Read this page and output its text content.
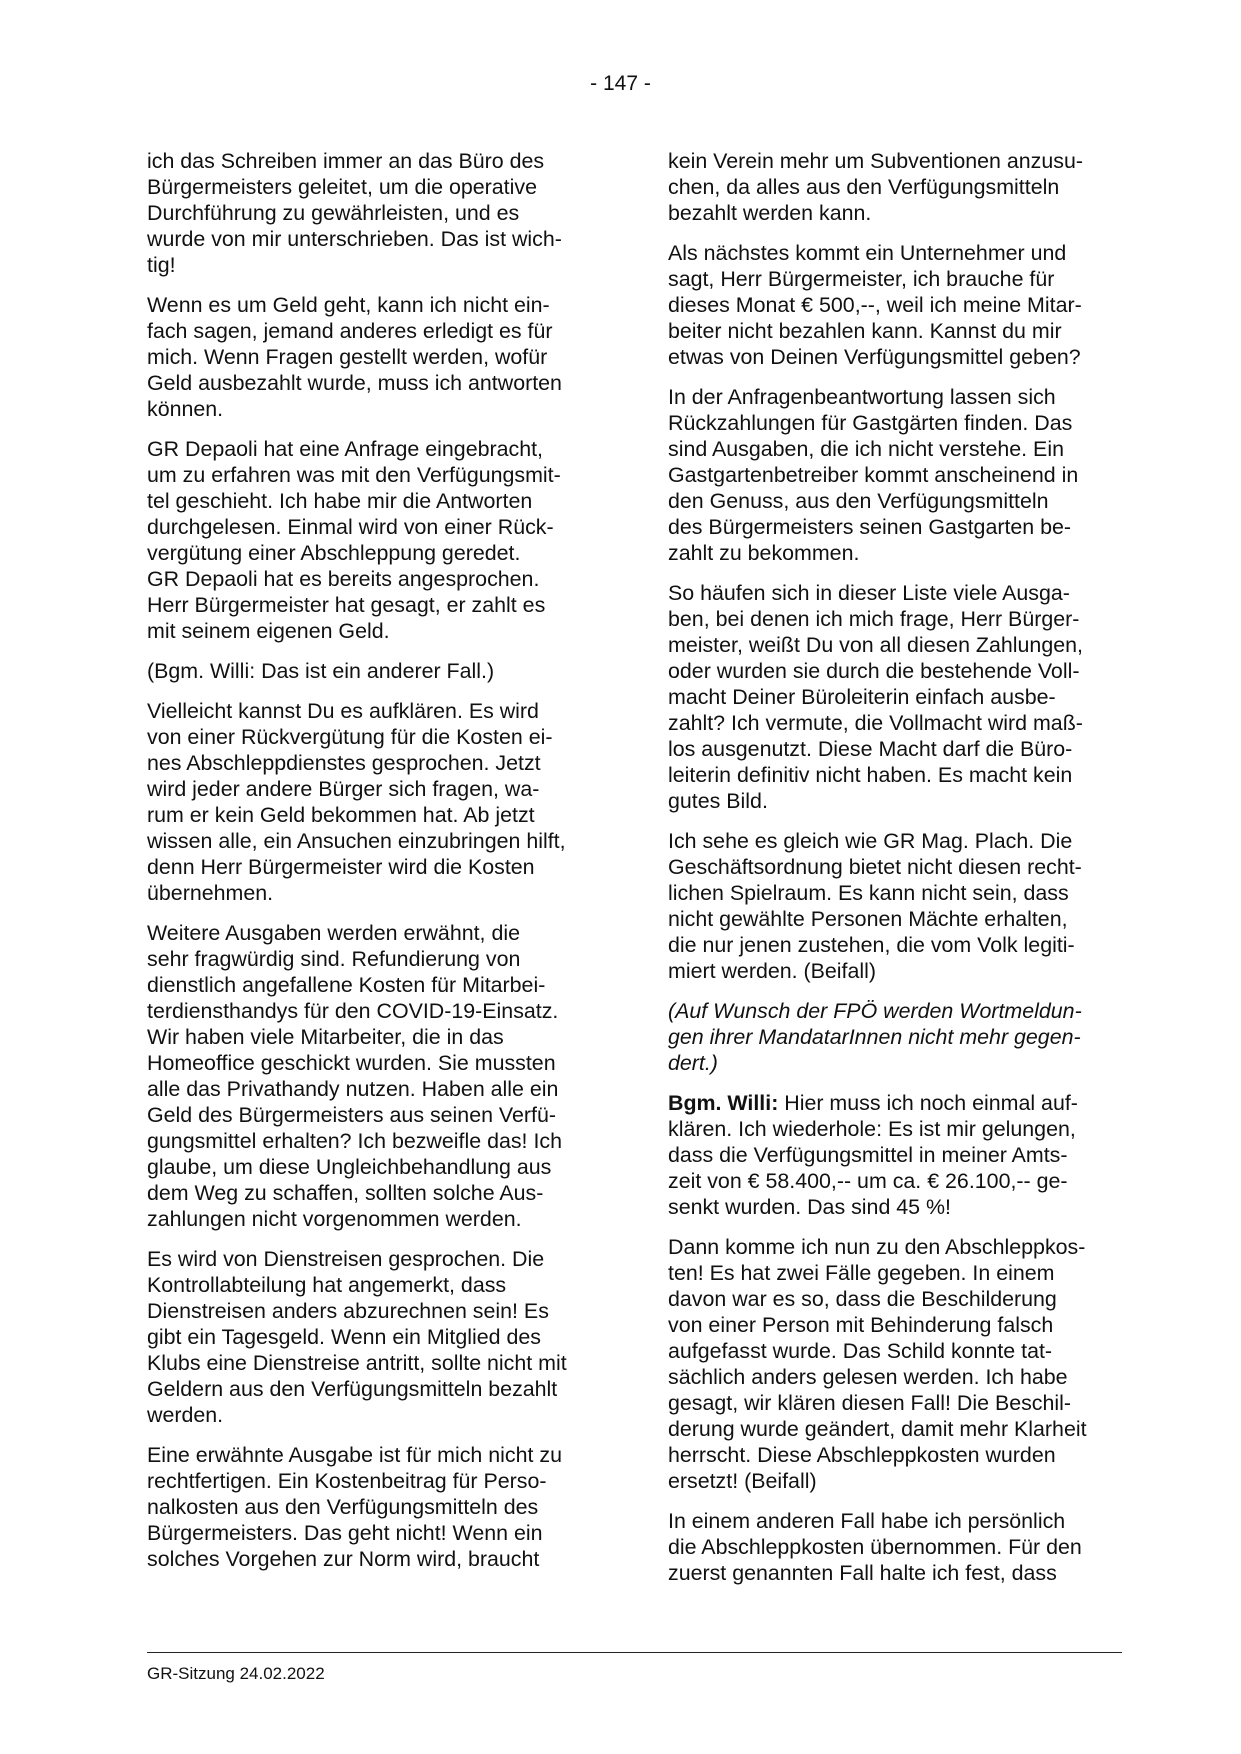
- 147 -

ich das Schreiben immer an das Büro des
Bürgermeisters geleitet, um die operative
Durchführung zu gewährleisten, und es
wurde von mir unterschrieben. Das ist wich-
tig!

Wenn es um Geld geht, kann ich nicht ein-
fach sagen, jemand anderes erledigt es für
mich. Wenn Fragen gestellt werden, wofür
Geld ausbezahlt wurde, muss ich antworten
können.

GR Depaoli hat eine Anfrage eingebracht,
um zu erfahren was mit den Verfügungsmit-
tel geschieht. Ich habe mir die Antworten
durchgelesen. Einmal wird von einer Rück-
vergütung einer Abschleppung geredet.
GR Depaoli hat es bereits angesprochen.
Herr Bürgermeister hat gesagt, er zahlt es
mit seinem eigenen Geld.

(Bgm. Willi: Das ist ein anderer Fall.)

Vielleicht kannst Du es aufklären. Es wird
von einer Rückvergütung für die Kosten ei-
nes Abschleppdienstes gesprochen. Jetzt
wird jeder andere Bürger sich fragen, wa-
rum er kein Geld bekommen hat. Ab jetzt
wissen alle, ein Ansuchen einzubringen hilft,
denn Herr Bürgermeister wird die Kosten
übernehmen.

Weitere Ausgaben werden erwähnt, die
sehr fragwürdig sind. Refundierung von
dienstlich angefallene Kosten für Mitarbei-
terdiensthandys für den COVID-19-Einsatz.
Wir haben viele Mitarbeiter, die in das
Homeoffice geschickt wurden. Sie mussten
alle das Privathandy nutzen. Haben alle ein
Geld des Bürgermeisters aus seinen Verfü-
gungsmittel erhalten? Ich bezweifle das! Ich
glaube, um diese Ungleichbehandlung aus
dem Weg zu schaffen, sollten solche Aus-
zahlungen nicht vorgenommen werden.

Es wird von Dienstreisen gesprochen. Die
Kontrollabteilung hat angemerkt, dass
Dienstreisen anders abzurechnen sein! Es
gibt ein Tagesgeld. Wenn ein Mitglied des
Klubs eine Dienstreise antritt, sollte nicht mit
Geldern aus den Verfügungsmitteln bezahlt
werden.

Eine erwähnte Ausgabe ist für mich nicht zu
rechtfertigen. Ein Kostenbeitrag für Perso-
nalkosten aus den Verfügungsmitteln des
Bürgermeisters. Das geht nicht! Wenn ein
solches Vorgehen zur Norm wird, braucht

kein Verein mehr um Subventionen anzusu-
chen, da alles aus den Verfügungsmitteln
bezahlt werden kann.

Als nächstes kommt ein Unternehmer und
sagt, Herr Bürgermeister, ich brauche für
dieses Monat € 500,--, weil ich meine Mitar-
beiter nicht bezahlen kann. Kannst du mir
etwas von Deinen Verfügungsmittel geben?

In der Anfragenbeantwortung lassen sich
Rückzahlungen für Gastgärten finden. Das
sind Ausgaben, die ich nicht verstehe. Ein
Gastgartenbetreiber kommt anscheinend in
den Genuss, aus den Verfügungsmitteln
des Bürgermeisters seinen Gastgarten be-
zahlt zu bekommen.

So häufen sich in dieser Liste viele Ausga-
ben, bei denen ich mich frage, Herr Bürger-
meister, weißt Du von all diesen Zahlungen,
oder wurden sie durch die bestehende Voll-
macht Deiner Büroleiterin einfach ausbe-
zahlt? Ich vermute, die Vollmacht wird maß-
los ausgenutzt. Diese Macht darf die Büro-
leiterin definitiv nicht haben. Es macht kein
gutes Bild.

Ich sehe es gleich wie GR Mag. Plach. Die
Geschäftsordnung bietet nicht diesen recht-
lichen Spielraum. Es kann nicht sein, dass
nicht gewählte Personen Mächte erhalten,
die nur jenen zustehen, die vom Volk legiti-
miert werden. (Beifall)

(Auf Wunsch der FPÖ werden Wortmeldun-
gen ihrer MandatarInnen nicht mehr gegen-
dert.)

Bgm. Willi: Hier muss ich noch einmal auf-
klären. Ich wiederhole: Es ist mir gelungen,
dass die Verfügungsmittel in meiner Amts-
zeit von € 58.400,-- um ca. € 26.100,-- ge-
senkt wurden. Das sind 45 %!

Dann komme ich nun zu den Abschleppkos-
ten! Es hat zwei Fälle gegeben. In einem
davon war es so, dass die Beschilderung
von einer Person mit Behinderung falsch
aufgefasst wurde. Das Schild konnte tat-
sächlich anders gelesen werden. Ich habe
gesagt, wir klären diesen Fall! Die Beschil-
derung wurde geändert, damit mehr Klarheit
herrscht. Diese Abschleppkosten wurden
ersetzt! (Beifall)

In einem anderen Fall habe ich persönlich
die Abschleppkosten übernommen. Für den
zuerst genannten Fall halte ich fest, dass

GR-Sitzung 24.02.2022
